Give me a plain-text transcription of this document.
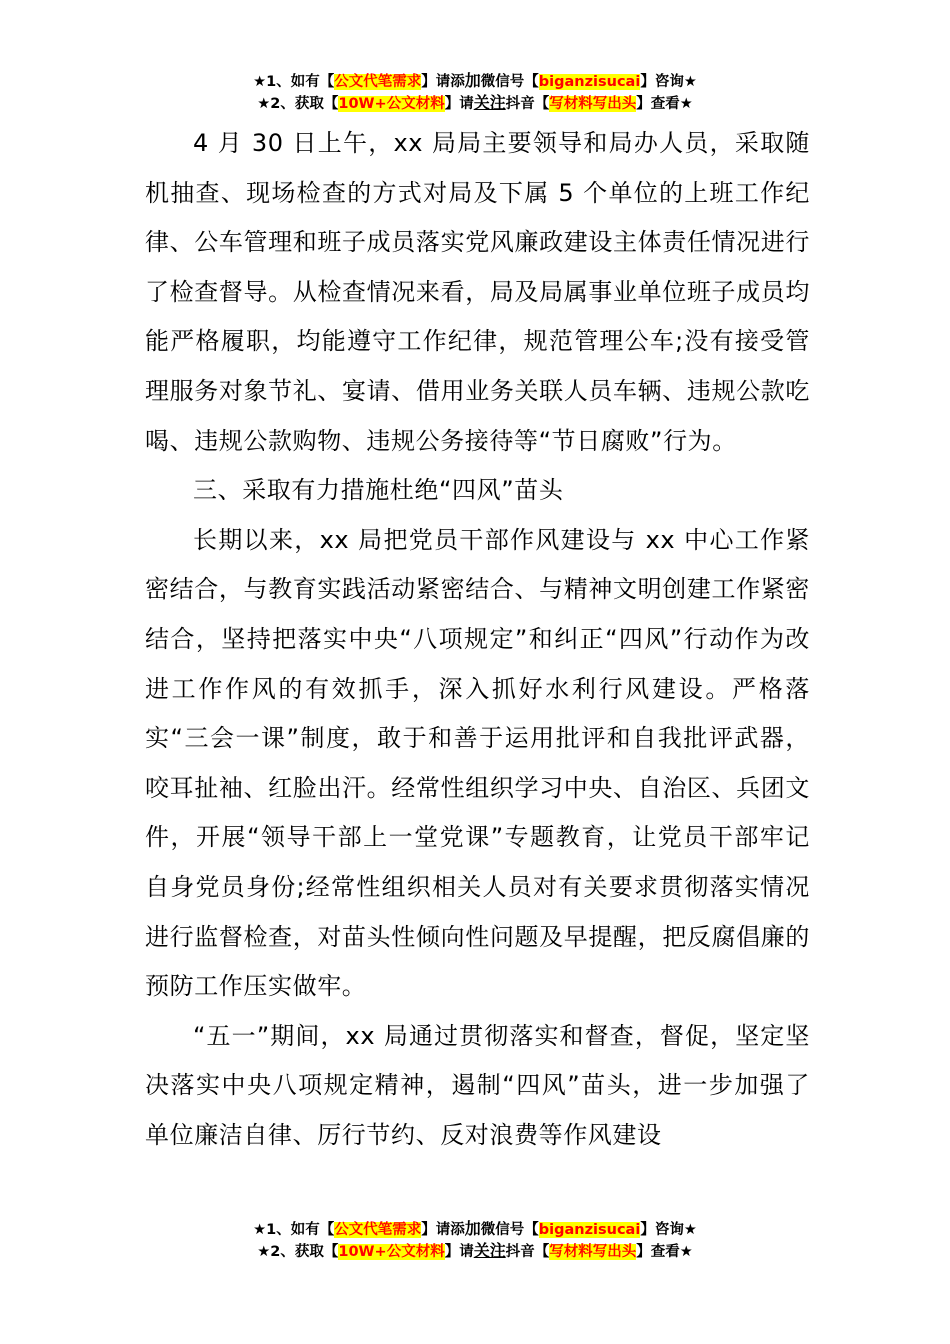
★1、如有【公文代笔需求】请添加微信号【biganzisucai】咨询★
★2、获取【10W+公文材料】请关注抖音【写材料写出头】查看★

4 月 30 日上午，xx 局局主要领导和局办人员，采取随机抽查、现场检查的方式对局及下属 5 个单位的上班工作纪律、公车管理和班子成员落实党风廉政建设主体责任情况进行了检查督导。从检查情况来看，局及局属事业单位班子成员均能严格履职，均能遵守工作纪律，规范管理公车;没有接受管理服务对象节礼、宴请、借用业务关联人员车辆、违规公款吃喝、违规公款购物、违规公务接待等“节日腐败”行为。

三、采取有力措施杜绝“四风”苗头

长期以来，xx 局把党员干部作风建设与 xx 中心工作紧密结合，与教育实践活动紧密结合、与精神文明创建工作紧密结合，坚持把落实中央“八项规定”和纠正“四风”行动作为改进工作作风的有效抓手，深入抓好水利行风建设。严格落实“三会一课”制度，敢于和善于运用批评和自我批评武器，咬耳扯袖、红脸出汗。经常性组织学习中央、自治区、兵团文件，开展“领导干部上一堂党课”专题教育，让党员干部牢记自身党员身份;经常性组织相关人员对有关要求贯彻落实情况进行监督检查，对苗头性倾向性问题及早提醒，把反腐倡廉的预防工作压实做牢。

“五一”期间，xx 局通过贯彻落实和督查，督促，坚定坚决落实中央八项规定精神，遏制“四风”苗头，进一步加强了单位廉洁自律、厉行节约、反对浪费等作风建设

★1、如有【公文代笔需求】请添加微信号【biganzisucai】咨询★
★2、获取【10W+公文材料】请关注抖音【写材料写出头】查看★
